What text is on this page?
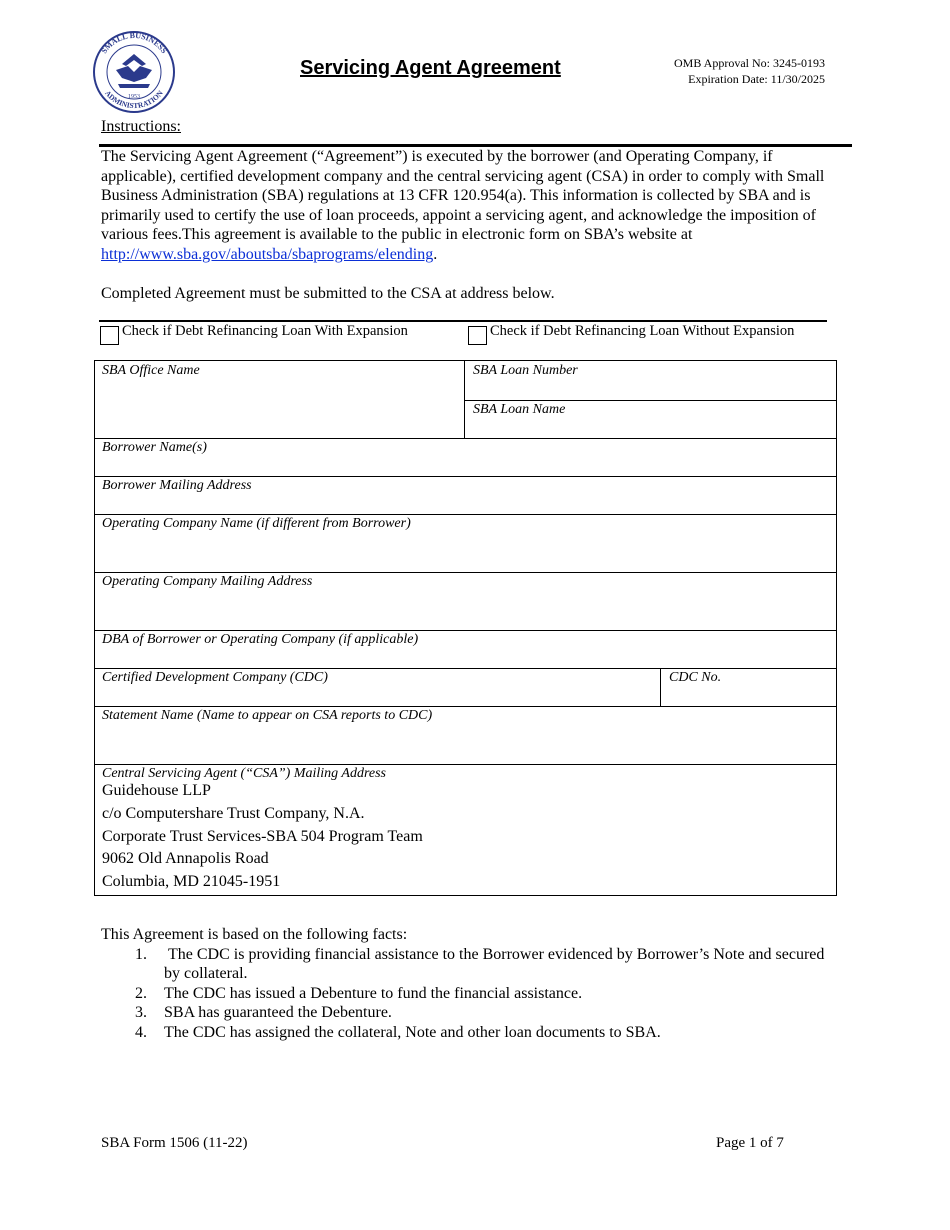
SMALL BUSINESS
ADMINISTRATION
1953
Servicing Agent Agreement	OMB Approval No: 3245-0193
Expiration Date: 11/30/2025
Instructions:
The Servicing Agent Agreement (“Agreement”) is executed by the borrower (and Operating Company, if applicable), certified development company and the central servicing agent (CSA) in order to comply with Small Business Administration (SBA) regulations at 13 CFR 120.954(a). This information is collected by SBA and is primarily used to certify the use of loan proceeds, appoint a servicing agent, and acknowledge the imposition of various fees.This agreement is available to the public in electronic form on SBA’s website at http://www.sba.gov/aboutsba/sbaprograms/elending.
Completed Agreement must be submitted to the CSA at address below.
Check if Debt Refinancing Loan With Expansion	Check if Debt Refinancing Loan Without Expansion
SBA Office Name	SBA Loan Number
SBA Loan Name
Borrower Name(s)
Borrower Mailing Address
Operating Company Name (if different from Borrower)
Operating Company Mailing Address
DBA of Borrower or Operating Company (if applicable)
Certified Development Company (CDC)	CDC No.
Statement Name (Name to appear on CSA reports to CDC)
Central Servicing Agent (“CSA”) Mailing Address
Guidehouse LLP
c/o Computershare Trust Company, N.A.
Corporate Trust Services-SBA 504 Program Team
9062 Old Annapolis Road
Columbia, MD 21045-1951
This Agreement is based on the following facts:
1.	The CDC is providing financial assistance to the Borrower evidenced by Borrower’s Note and secured by collateral.
2.	The CDC has issued a Debenture to fund the financial assistance.
3.	SBA has guaranteed the Debenture.
4.	The CDC has assigned the collateral, Note and other loan documents to SBA.
SBA Form 1506 (11-22)	Page 1 of 7
